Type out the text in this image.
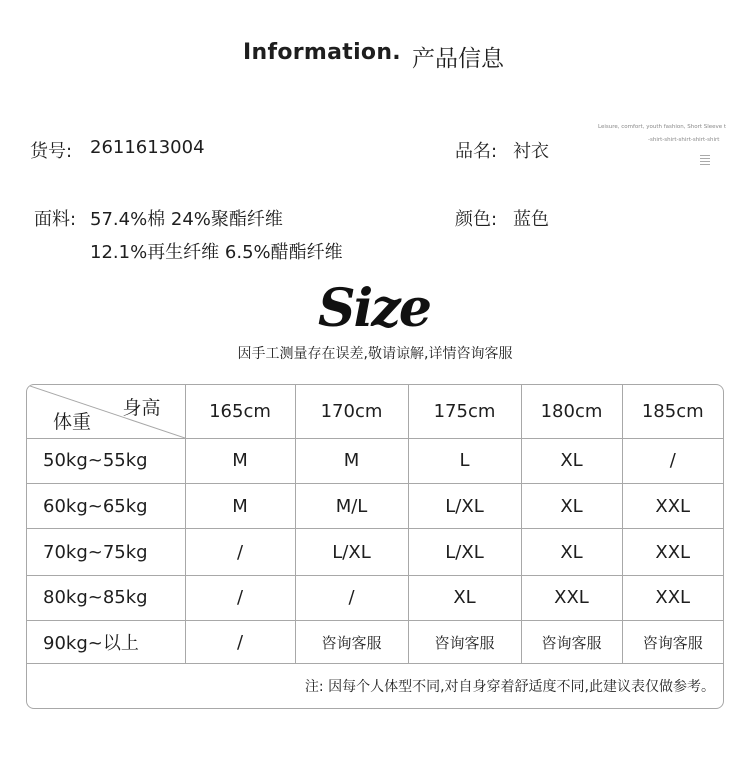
Information. 产品信息
货号: 2611613004	品名: 衬衣
Leisure, comfort, youth fashion, Short Sleeve t
-shirt-shirt-shirt-shirt-shirt
面料: 57.4%棉 24%聚酯纤维
12.1%再生纤维 6.5%醋酯纤维
颜色: 蓝色
Size
因手工测量存在误差,敬请谅解,详情咨询客服
身高
体重	165cm	170cm	175cm	180cm	185cm
50kg~55kg	M	M	L	XL	/
60kg~65kg	M	M/L	L/XL	XL	XXL
70kg~75kg	/	L/XL	L/XL	XL	XXL
80kg~85kg	/	/	XL	XXL	XXL
90kg~以上	/	咨询客服	咨询客服	咨询客服	咨询客服
注: 因每个人体型不同,对自身穿着舒适度不同,此建议表仅做参考。					
